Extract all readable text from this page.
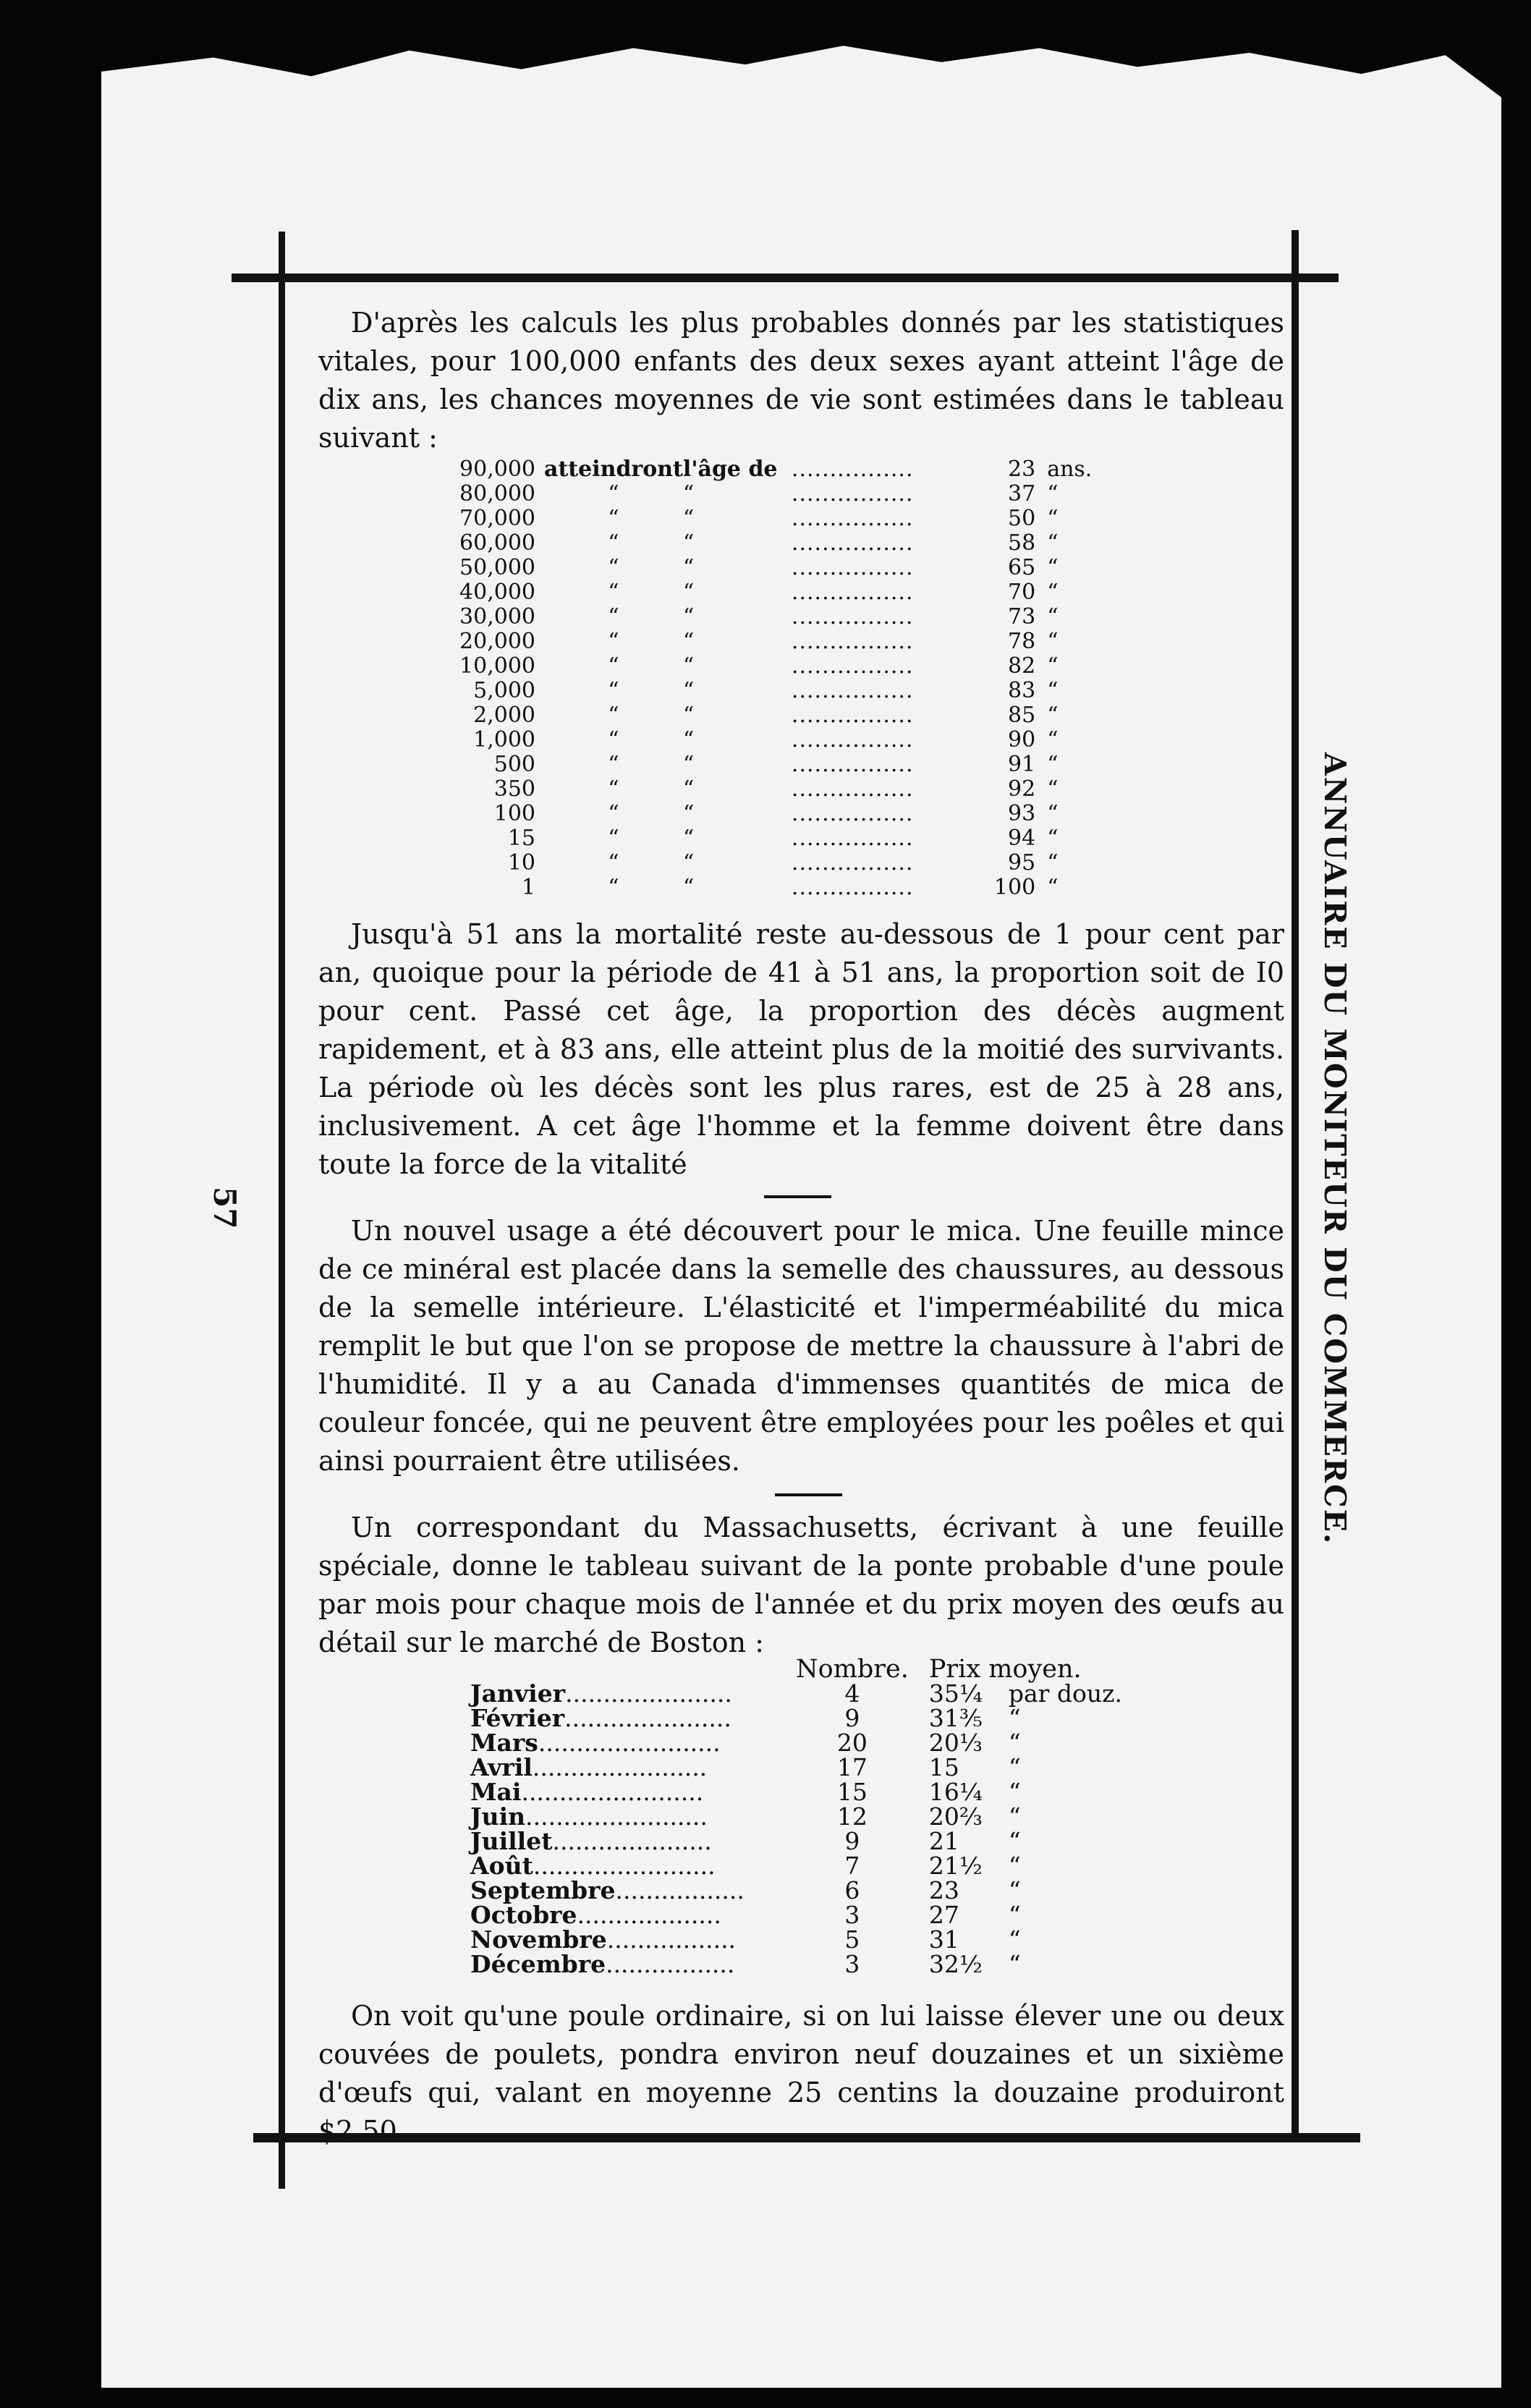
ANNUAIRE DU MONITEUR DU COMMERCE.
57
D'après les calculs les plus probables donnés par les statistiques vitales, pour 100,000 enfants des deux sexes ayant atteint l'âge de dix ans, les chances moyennes de vie sont estimées dans le tableau suivant :
90,000	atteindront	l'âge de	................	23	ans.
80,000	“	“	................	37	“
70,000	“	“	................	50	“
60,000	“	“	................	58	“
50,000	“	“	................	65	“
40,000	“	“	................	70	“
30,000	“	“	................	73	“
20,000	“	“	................	78	“
10,000	“	“	................	82	“
5,000	“	“	................	83	“
2,000	“	“	................	85	“
1,000	“	“	................	90	“
500	“	“	................	91	“
350	“	“	................	92	“
100	“	“	................	93	“
15	“	“	................	94	“
10	“	“	................	95	“
1	“	“	................	100	“
Jusqu'à 51 ans la mortalité reste au-dessous de 1 pour cent par an, quoique pour la période de 41 à 51 ans, la proportion soit de I0 pour cent. Passé cet âge, la proportion des décès augment rapidement, et à 83 ans, elle atteint plus de la moitié des survivants. La période où les décès sont les plus rares, est de 25 à 28 ans, inclusivement. A cet âge l'homme et la femme doivent être dans toute la force de la vitalité
Un nouvel usage a été découvert pour le mica. Une feuille mince de ce minéral est placée dans la semelle des chaussures, au dessous de la semelle intérieure. L'élasticité et l'imperméabilité du mica remplit le but que l'on se propose de mettre la chaussure à l'abri de l'humidité. Il y a au Canada d'immenses quantités de mica de couleur foncée, qui ne peuvent être employées pour les poêles et qui ainsi pourraient être utilisées.
Un correspondant du Massachusetts, écrivant à une feuille spéciale, donne le tableau suivant de la ponte probable d'une poule par mois pour chaque mois de l'année et du prix moyen des œufs au détail sur le marché de Boston :
	Nombre.	Prix moyen.	
Janvier......................	4	35¼	par douz.
Février......................	9	31⅗	“
Mars........................	20	20⅓	“
Avril.......................	17	15	“
Mai........................	15	16¼	“
Juin........................	12	20⅔	“
Juillet.....................	9	21	“
Août........................	7	21½	“
Septembre.................	6	23	“
Octobre...................	3	27	“
Novembre.................	5	31	“
Décembre.................	3	32½	“
On voit qu'une poule ordinaire, si on lui laisse élever une ou deux couvées de poulets, pondra environ neuf douzaines et un sixième d'œufs qui, valant en moyenne 25 centins la douzaine produiront $2.50.
